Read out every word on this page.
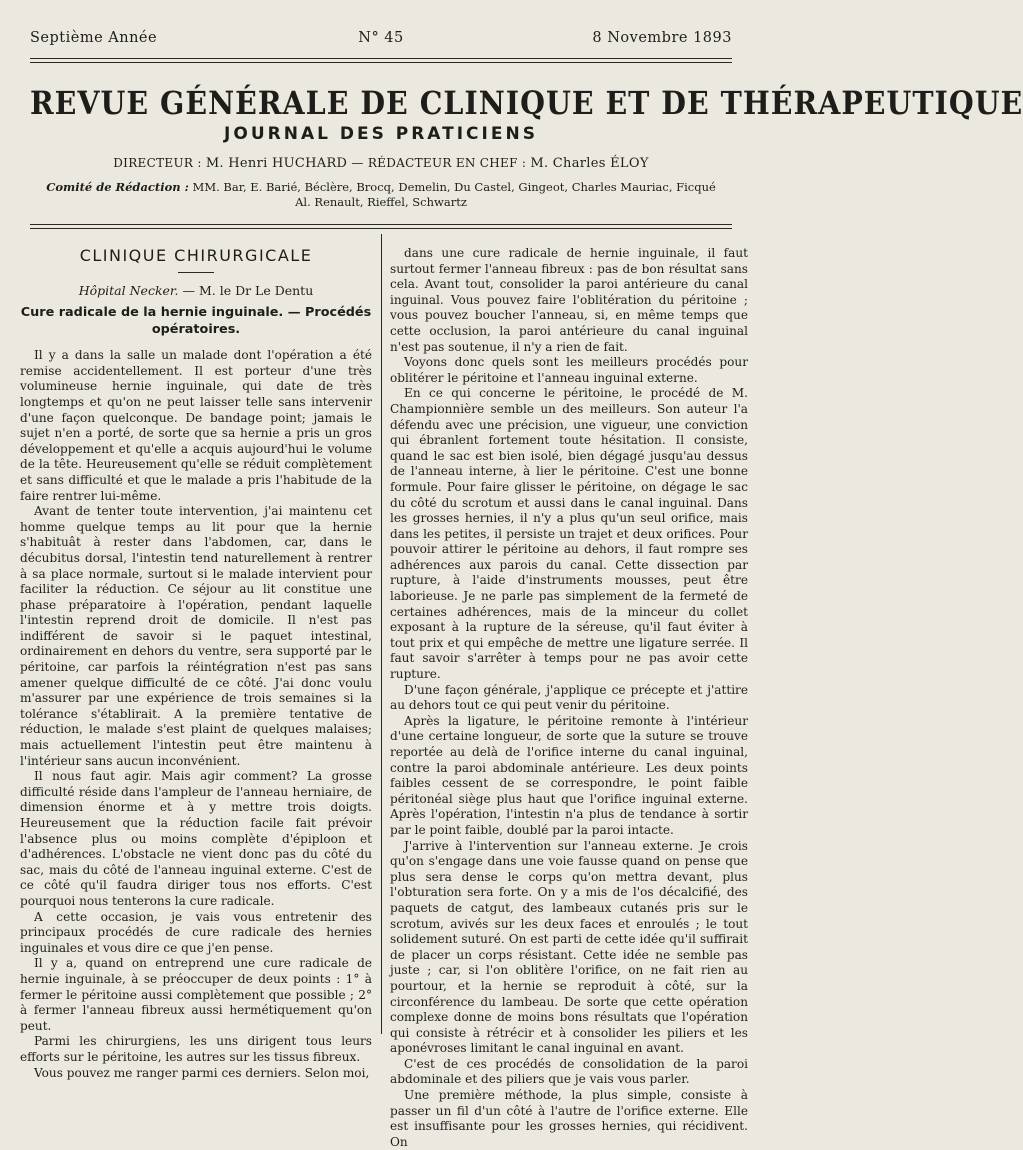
Septième Année	N° 45	8 Novembre 1893
REVUE GÉNÉRALE DE CLINIQUE ET DE THÉRAPEUTIQUE
JOURNAL DES PRATICIENS
DIRECTEUR : M. Henri HUCHARD — RÉDACTEUR EN CHEF : M. Charles ÉLOY
Comité de Rédaction : MM. Bar, E. Barié, Béclère, Brocq, Demelin, Du Castel, Gingeot, Charles Mauriac, Ficqué
Al. Renault, Rieffel, Schwartz
CLINIQUE CHIRURGICALE
Hôpital Necker. — M. le Dr Le Dentu
Cure radicale de la hernie inguinale. — Procédés opératoires.

Il y a dans la salle un malade dont l'opération a été remise accidentellement. Il est porteur d'une très volumineuse hernie inguinale, qui date de très longtemps et qu'on ne peut laisser telle sans intervenir d'une façon quelconque. De bandage point; jamais le sujet n'en a porté, de sorte que sa hernie a pris un gros développement et qu'elle a acquis aujourd'hui le volume de la tête. Heureusement qu'elle se réduit complètement et sans difficulté et que le malade a pris l'habitude de la faire rentrer lui-même.

Avant de tenter toute intervention, j'ai maintenu cet homme quelque temps au lit pour que la hernie s'habituât à rester dans l'abdomen, car, dans le décubitus dorsal, l'intestin tend naturellement à rentrer à sa place normale, surtout si le malade intervient pour faciliter la réduction. Ce séjour au lit constitue une phase préparatoire à l'opération, pendant laquelle l'intestin reprend droit de domicile. Il n'est pas indifférent de savoir si le paquet intestinal, ordinairement en dehors du ventre, sera supporté par le péritoine, car parfois la réintégration n'est pas sans amener quelque difficulté de ce côté. J'ai donc voulu m'assurer par une expérience de trois semaines si la tolérance s'établirait. A la première tentative de réduction, le malade s'est plaint de quelques malaises; mais actuellement l'intestin peut être maintenu à l'intérieur sans aucun inconvénient.

Il nous faut agir. Mais agir comment? La grosse difficulté réside dans l'ampleur de l'anneau herniaire, de dimension énorme et à y mettre trois doigts. Heureusement que la réduction facile fait prévoir l'absence plus ou moins complète d'épiploon et d'adhérences. L'obstacle ne vient donc pas du côté du sac, mais du côté de l'anneau inguinal externe. C'est de ce côté qu'il faudra diriger tous nos efforts. C'est pourquoi nous tenterons la cure radicale.

A cette occasion, je vais vous entretenir des principaux procédés de cure radicale des hernies inguinales et vous dire ce que j'en pense.

Il y a, quand on entreprend une cure radicale de hernie inguinale, à se préoccuper de deux points : 1° à fermer le péritoine aussi complètement que possible ; 2° à fermer l'anneau fibreux aussi hermétiquement qu'on peut.

Parmi les chirurgiens, les uns dirigent tous leurs efforts sur le péritoine, les autres sur les tissus fibreux.

Vous pouvez me ranger parmi ces derniers. Selon moi,

dans une cure radicale de hernie inguinale, il faut surtout fermer l'anneau fibreux : pas de bon résultat sans cela. Avant tout, consolider la paroi antérieure du canal inguinal. Vous pouvez faire l'oblitération du péritoine ; vous pouvez boucher l'anneau, si, en même temps que cette occlusion, la paroi antérieure du canal inguinal n'est pas soutenue, il n'y a rien de fait.

Voyons donc quels sont les meilleurs procédés pour oblitérer le péritoine et l'anneau inguinal externe.

En ce qui concerne le péritoine, le procédé de M. Championnière semble un des meilleurs. Son auteur l'a défendu avec une précision, une vigueur, une conviction qui ébranlent fortement toute hésitation. Il consiste, quand le sac est bien isolé, bien dégagé jusqu'au dessus de l'anneau interne, à lier le péritoine. C'est une bonne formule. Pour faire glisser le péritoine, on dégage le sac du côté du scrotum et aussi dans le canal inguinal. Dans les grosses hernies, il n'y a plus qu'un seul orifice, mais dans les petites, il persiste un trajet et deux orifices. Pour pouvoir attirer le péritoine au dehors, il faut rompre ses adhérences aux parois du canal. Cette dissection par rupture, à l'aide d'instruments mousses, peut être laborieuse. Je ne parle pas simplement de la fermeté de certaines adhérences, mais de la minceur du collet exposant à la rupture de la séreuse, qu'il faut éviter à tout prix et qui empêche de mettre une ligature serrée. Il faut savoir s'arrêter à temps pour ne pas avoir cette rupture.

D'une façon générale, j'applique ce précepte et j'attire au dehors tout ce qui peut venir du péritoine.

Après la ligature, le péritoine remonte à l'intérieur d'une certaine longueur, de sorte que la suture se trouve reportée au delà de l'orifice interne du canal inguinal, contre la paroi abdominale antérieure. Les deux points faibles cessent de se correspondre, le point faible péritonéal siège plus haut que l'orifice inguinal externe. Après l'opération, l'intestin n'a plus de tendance à sortir par le point faible, doublé par la paroi intacte.

J'arrive à l'intervention sur l'anneau externe. Je crois qu'on s'engage dans une voie fausse quand on pense que plus sera dense le corps qu'on mettra devant, plus l'obturation sera forte. On y a mis de l'os décalcifié, des paquets de catgut, des lambeaux cutanés pris sur le scrotum, avivés sur les deux faces et enroulés ; le tout solidement suturé. On est parti de cette idée qu'il suffirait de placer un corps résistant. Cette idée ne semble pas juste ; car, si l'on oblitère l'orifice, on ne fait rien au pourtour, et la hernie se reproduit à côté, sur la circonférence du lambeau. De sorte que cette opération complexe donne de moins bons résultats que l'opération qui consiste à rétrécir et à consolider les piliers et les aponévroses limitant le canal inguinal en avant.

C'est de ces procédés de consolidation de la paroi abdominale et des piliers que je vais vous parler.

Une première méthode, la plus simple, consiste à passer un fil d'un côté à l'autre de l'orifice externe. Elle est insuffisante pour les grosses hernies, qui récidivent. On
